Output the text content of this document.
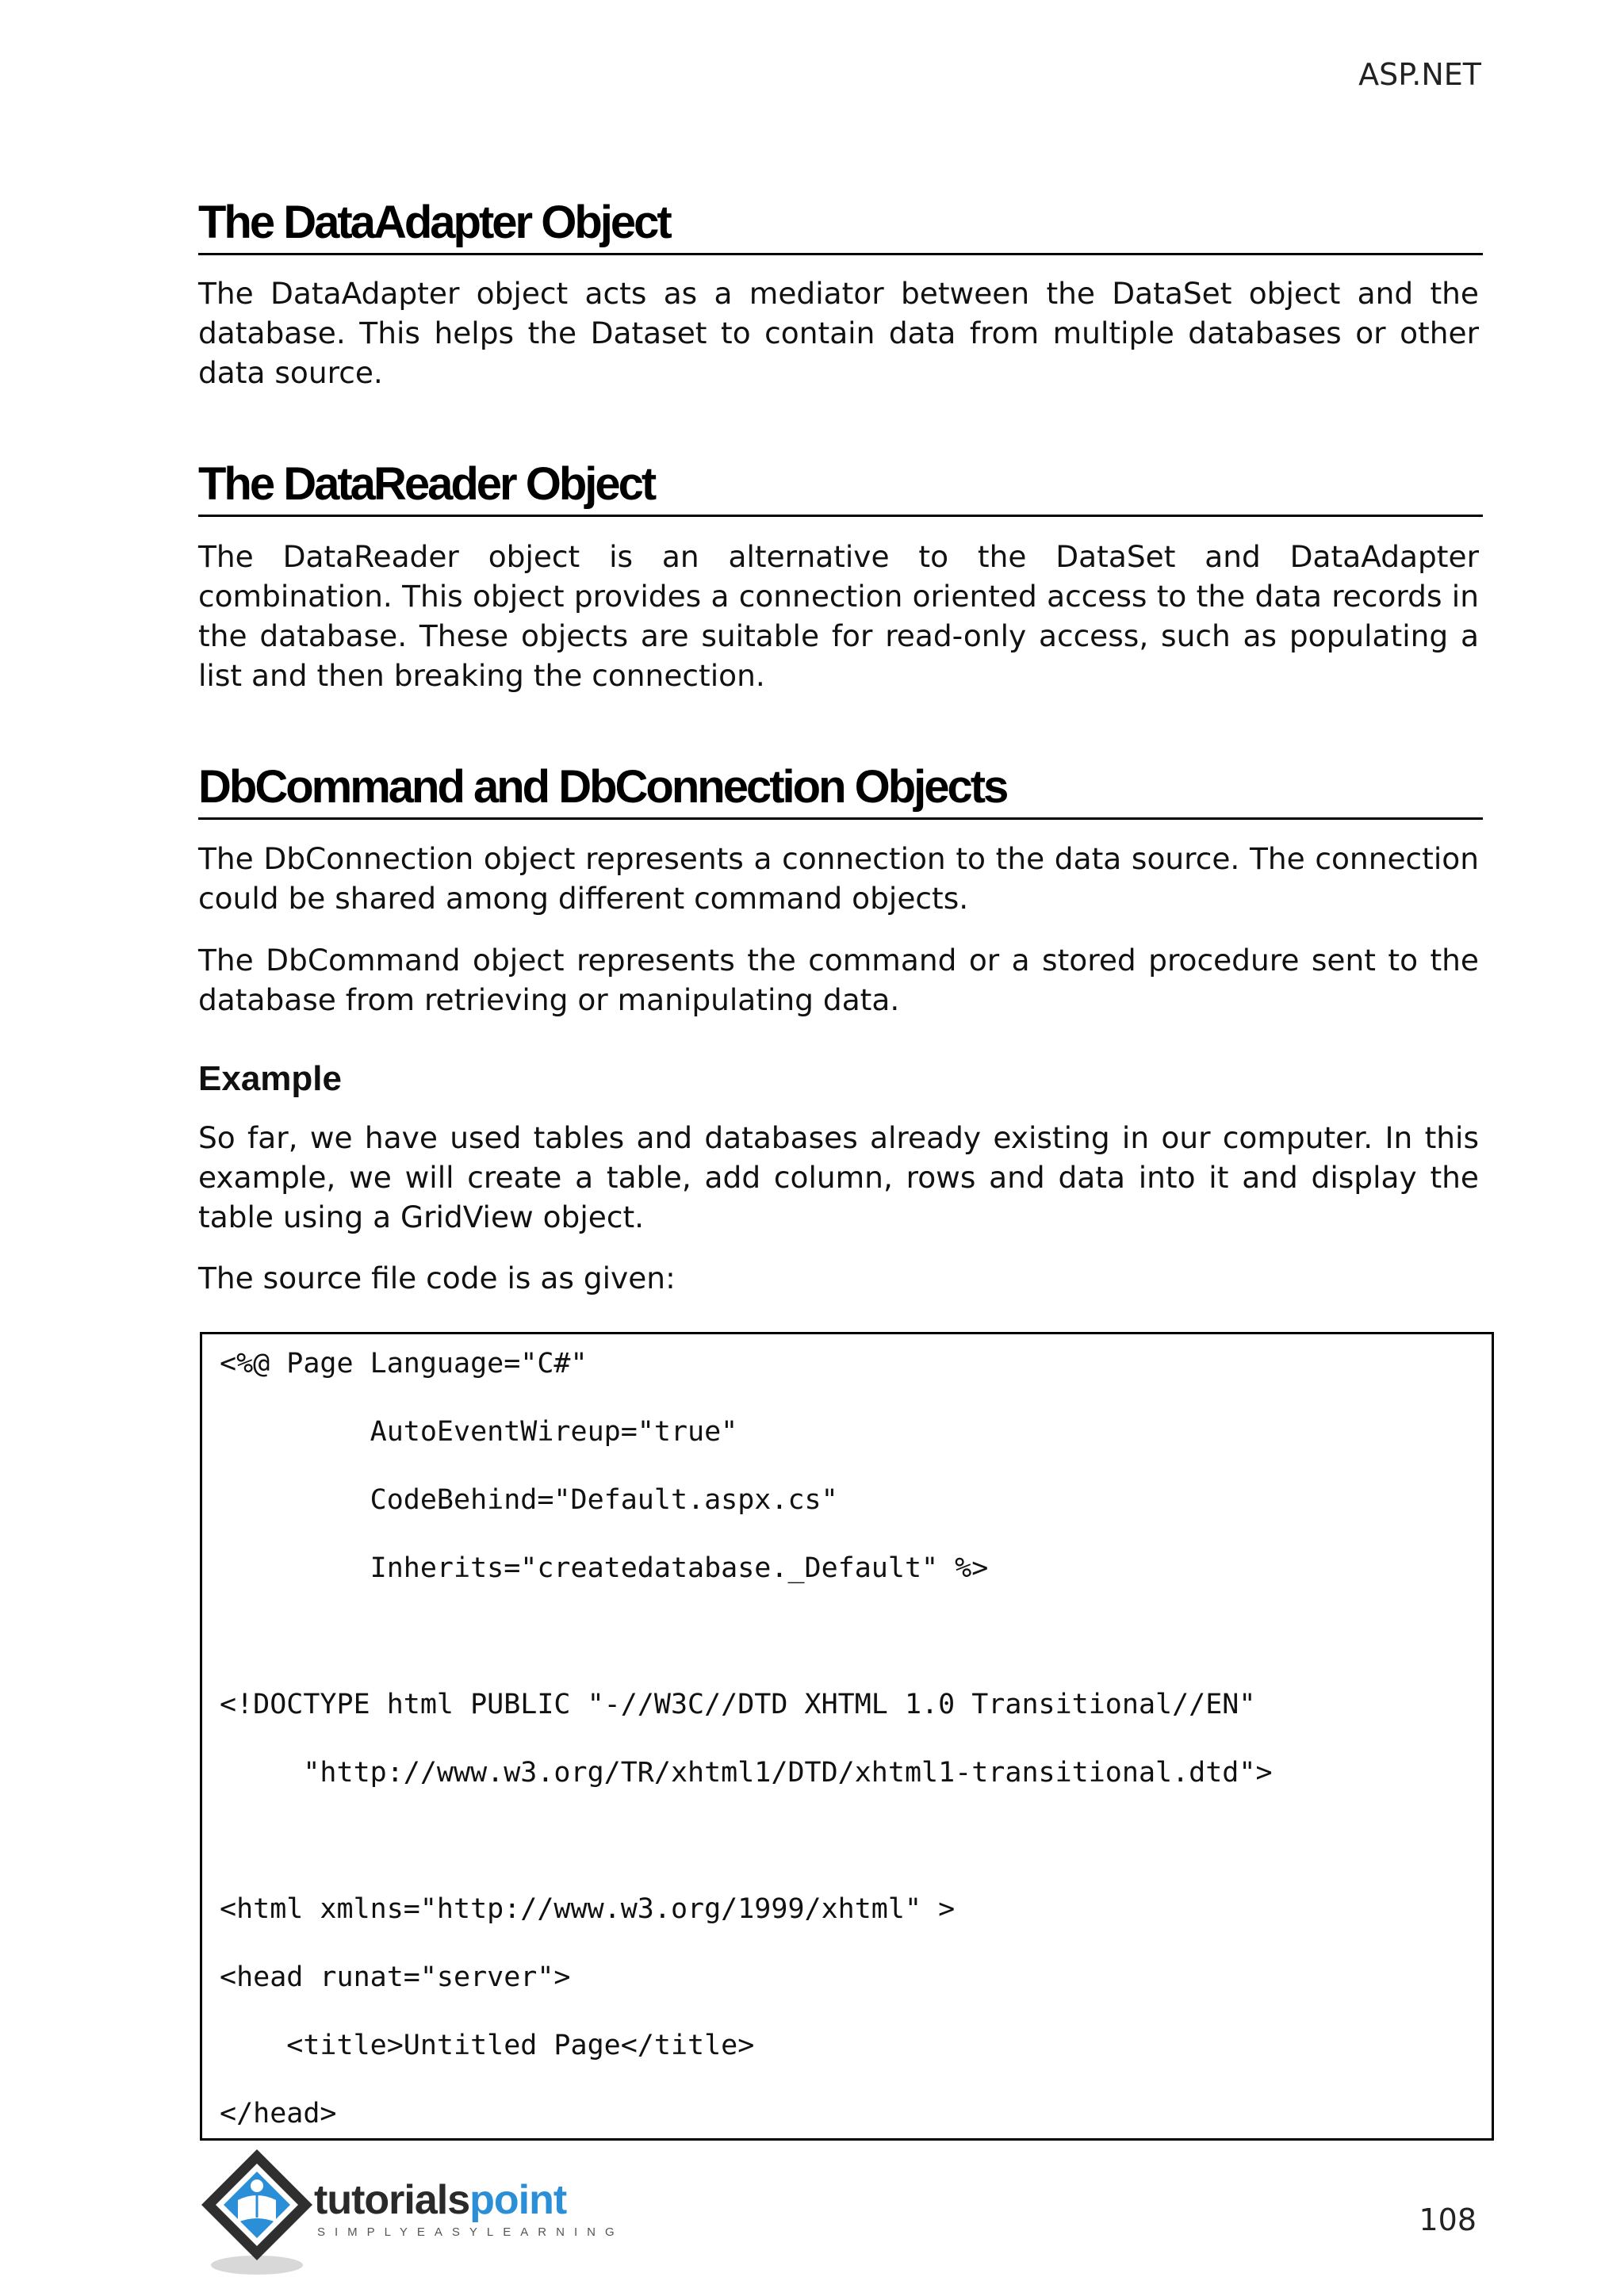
ASP.NET
The DataAdapter Object

The DataAdapter object acts as a mediator between the DataSet object and the database. This helps the Dataset to contain data from multiple databases or other data source.

The DataReader Object

The DataReader object is an alternative to the DataSet and DataAdapter combination. This object provides a connection oriented access to the data records in the database. These objects are suitable for read-only access, such as populating a list and then breaking the connection.

DbCommand and DbConnection Objects

The DbConnection object represents a connection to the data source. The connection could be shared among different command objects.

The DbCommand object represents the command or a stored procedure sent to the database from retrieving or manipulating data.

Example

So far, we have used tables and databases already existing in our computer. In this example, we will create a table, add column, rows and data into it and display the table using a GridView object.

The source file code is as given:

<%@ Page Language="C#"
AutoEventWireup="true"
CodeBehind="Default.aspx.cs"
Inherits="createdatabase._Default" %>
<!DOCTYPE html PUBLIC "-//W3C//DTD XHTML 1.0 Transitional//EN"
"http://www.w3.org/TR/xhtml1/DTD/xhtml1-transitional.dtd">
<html xmlns="http://www.w3.org/1999/xhtml" >
<head runat="server">
<title>Untitled Page</title>
</head>
tutorialspoint
SIMPLYEASYLEARNING	108
